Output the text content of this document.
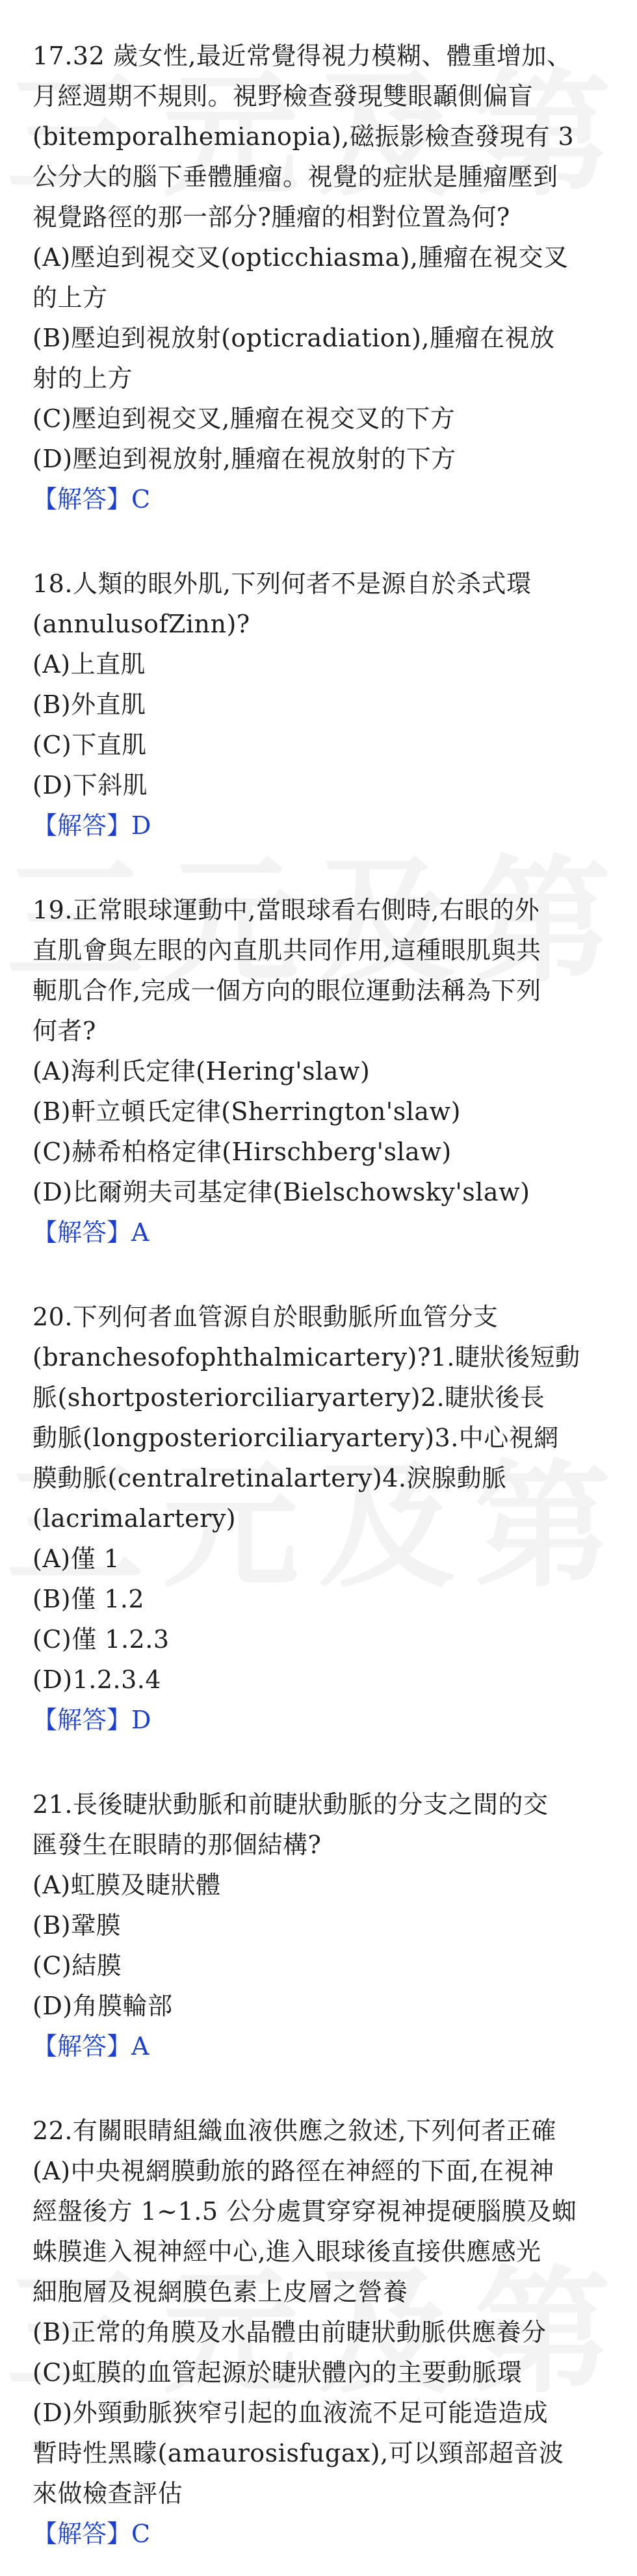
17.32 歲女性,最近常覺得視力模糊、體重增加、

月經週期不規則。視野檢查發現雙眼顳側偏盲

(bitemporalhemianopia),磁振影檢查發現有 3

公分大的腦下垂體腫瘤。視覺的症狀是腫瘤壓到

視覺路徑的那一部分?腫瘤的相對位置為何?

(A)壓迫到視交叉(opticchiasma),腫瘤在視交叉

的上方

(B)壓迫到視放射(opticradiation),腫瘤在視放

射的上方

(C)壓迫到視交叉,腫瘤在視交叉的下方

(D)壓迫到視放射,腫瘤在視放射的下方

【解答】C

18.人類的眼外肌,下列何者不是源自於杀式環

(annulusofZinn)?

(A)上直肌

(B)外直肌

(C)下直肌

(D)下斜肌

【解答】D

19.正常眼球運動中,當眼球看右側時,右眼的外

直肌會與左眼的內直肌共同作用,這種眼肌與共

軛肌合作,完成一個方向的眼位運動法稱為下列

何者?

(A)海利氏定律(Hering'slaw)

(B)軒立頓氏定律(Sherrington'slaw)

(C)赫希柏格定律(Hirschberg'slaw)

(D)比爾朔夫司基定律(Bielschowsky'slaw)

【解答】A

20.下列何者血管源自於眼動脈所血管分支

(branchesofophthalmicartery)?1.睫狀後短動

脈(shortposteriorciliaryartery)2.睫狀後長

動脈(longposteriorciliaryartery)3.中心視網

膜動脈(centralretinalartery)4.淚腺動脈

(lacrimalartery)

(A)僅 1

(B)僅 1.2

(C)僅 1.2.3

(D)1.2.3.4

【解答】D

21.長後睫狀動脈和前睫狀動脈的分支之間的交

匯發生在眼睛的那個結構?

(A)虹膜及睫狀體

(B)鞏膜

(C)結膜

(D)角膜輪部

【解答】A

22.有關眼睛組織血液供應之敘述,下列何者正確

(A)中央視網膜動旅的路徑在神經的下面,在視神

經盤後方 1~1.5 公分處貫穿穿視神提硬腦膜及蜘

蛛膜進入視神經中心,進入眼球後直接供應感光

細胞層及視網膜色素上皮層之營養

(B)正常的角膜及水晶體由前睫狀動脈供應養分

(C)虹膜的血管起源於睫狀體內的主要動脈環

(D)外頸動脈狹窄引起的血液流不足可能造造成

暫時性黑矇(amaurosisfugax),可以頸部超音波

來做檢查評估

【解答】C
